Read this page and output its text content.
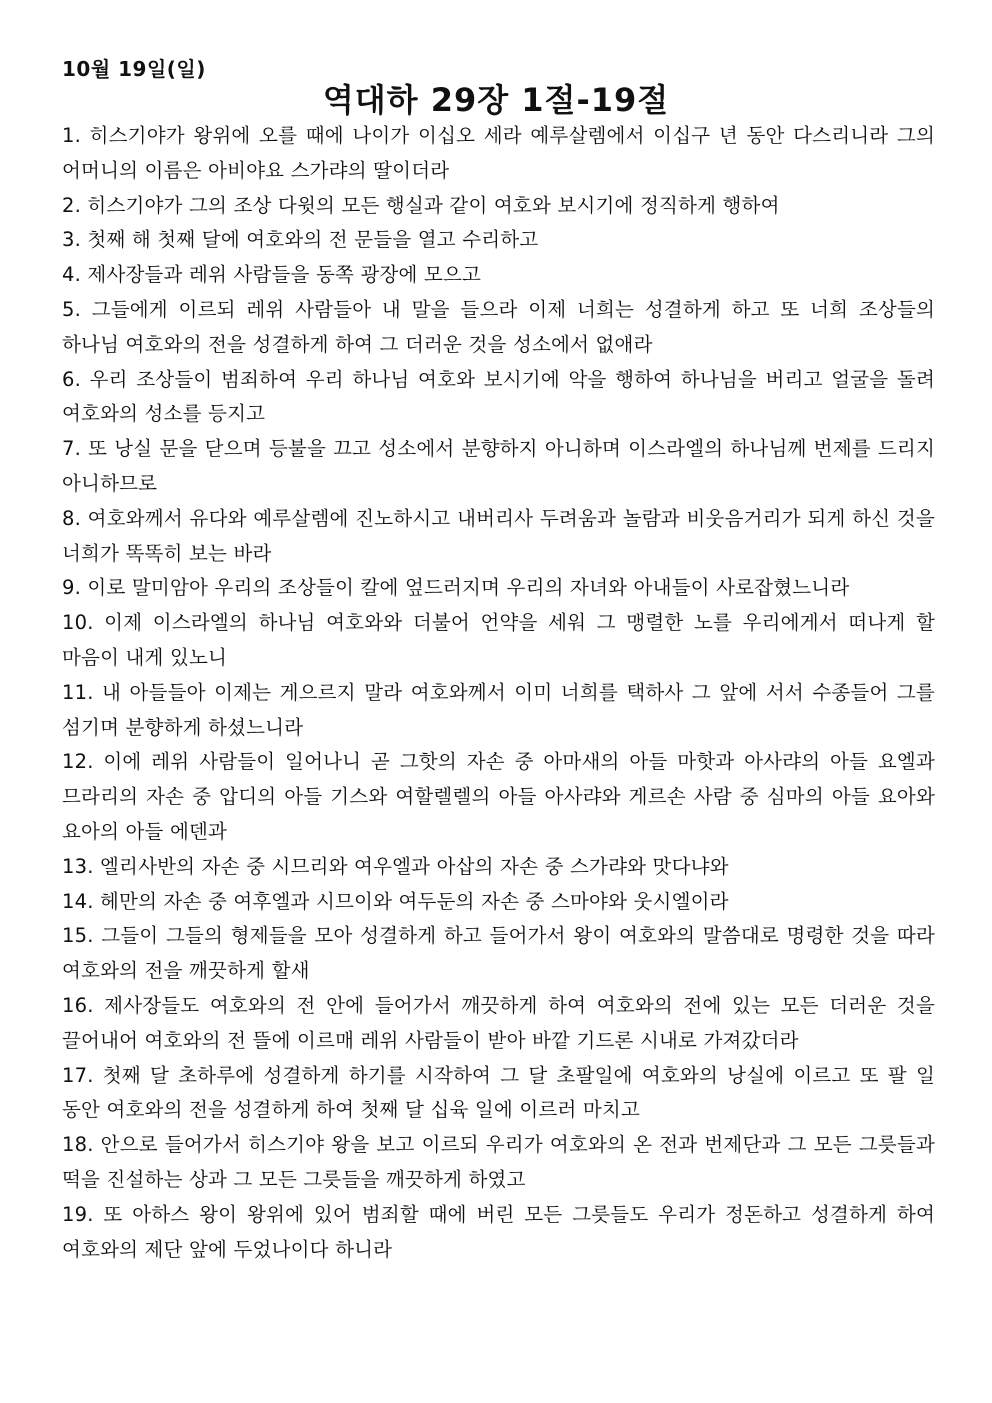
10월 19일(일)
역대하 29장 1절-19절
1. 히스기야가 왕위에 오를 때에 나이가 이십오 세라 예루살렘에서 이십구 년 동안 다스리니라 그의 어머니의 이름은 아비야요 스가랴의 딸이더라
2. 히스기야가 그의 조상 다윗의 모든 행실과 같이 여호와 보시기에 정직하게 행하여
3. 첫째 해 첫째 달에 여호와의 전 문들을 열고 수리하고
4. 제사장들과 레위 사람들을 동쪽 광장에 모으고
5. 그들에게 이르되 레위 사람들아 내 말을 들으라 이제 너희는 성결하게 하고 또 너희 조상들의 하나님 여호와의 전을 성결하게 하여 그 더러운 것을 성소에서 없애라
6. 우리 조상들이 범죄하여 우리 하나님 여호와 보시기에 악을 행하여 하나님을 버리고 얼굴을 돌려 여호와의 성소를 등지고
7. 또 낭실 문을 닫으며 등불을 끄고 성소에서 분향하지 아니하며 이스라엘의 하나님께 번제를 드리지 아니하므로
8. 여호와께서 유다와 예루살렘에 진노하시고 내버리사 두려움과 놀람과 비웃음거리가 되게 하신 것을 너희가 똑똑히 보는 바라
9. 이로 말미암아 우리의 조상들이 칼에 엎드러지며 우리의 자녀와 아내들이 사로잡혔느니라
10. 이제 이스라엘의 하나님 여호와와 더불어 언약을 세워 그 맹렬한 노를 우리에게서 떠나게 할 마음이 내게 있노니
11. 내 아들들아 이제는 게으르지 말라 여호와께서 이미 너희를 택하사 그 앞에 서서 수종들어 그를 섬기며 분향하게 하셨느니라
12. 이에 레위 사람들이 일어나니 곧 그핫의 자손 중 아마새의 아들 마핫과 아사랴의 아들 요엘과 므라리의 자손 중 압디의 아들 기스와 여할렐렐의 아들 아사랴와 게르손 사람 중 심마의 아들 요아와 요아의 아들 에덴과
13. 엘리사반의 자손 중 시므리와 여우엘과 아삽의 자손 중 스가랴와 맛다냐와
14. 헤만의 자손 중 여후엘과 시므이와 여두둔의 자손 중 스마야와 웃시엘이라
15. 그들이 그들의 형제들을 모아 성결하게 하고 들어가서 왕이 여호와의 말씀대로 명령한 것을 따라 여호와의 전을 깨끗하게 할새
16. 제사장들도 여호와의 전 안에 들어가서 깨끗하게 하여 여호와의 전에 있는 모든 더러운 것을 끌어내어 여호와의 전 뜰에 이르매 레위 사람들이 받아 바깥 기드론 시내로 가져갔더라
17. 첫째 달 초하루에 성결하게 하기를 시작하여 그 달 초팔일에 여호와의 낭실에 이르고 또 팔 일 동안 여호와의 전을 성결하게 하여 첫째 달 십육 일에 이르러 마치고
18. 안으로 들어가서 히스기야 왕을 보고 이르되 우리가 여호와의 온 전과 번제단과 그 모든 그릇들과 떡을 진설하는 상과 그 모든 그릇들을 깨끗하게 하였고
19. 또 아하스 왕이 왕위에 있어 범죄할 때에 버린 모든 그릇들도 우리가 정돈하고 성결하게 하여 여호와의 제단 앞에 두었나이다 하니라
